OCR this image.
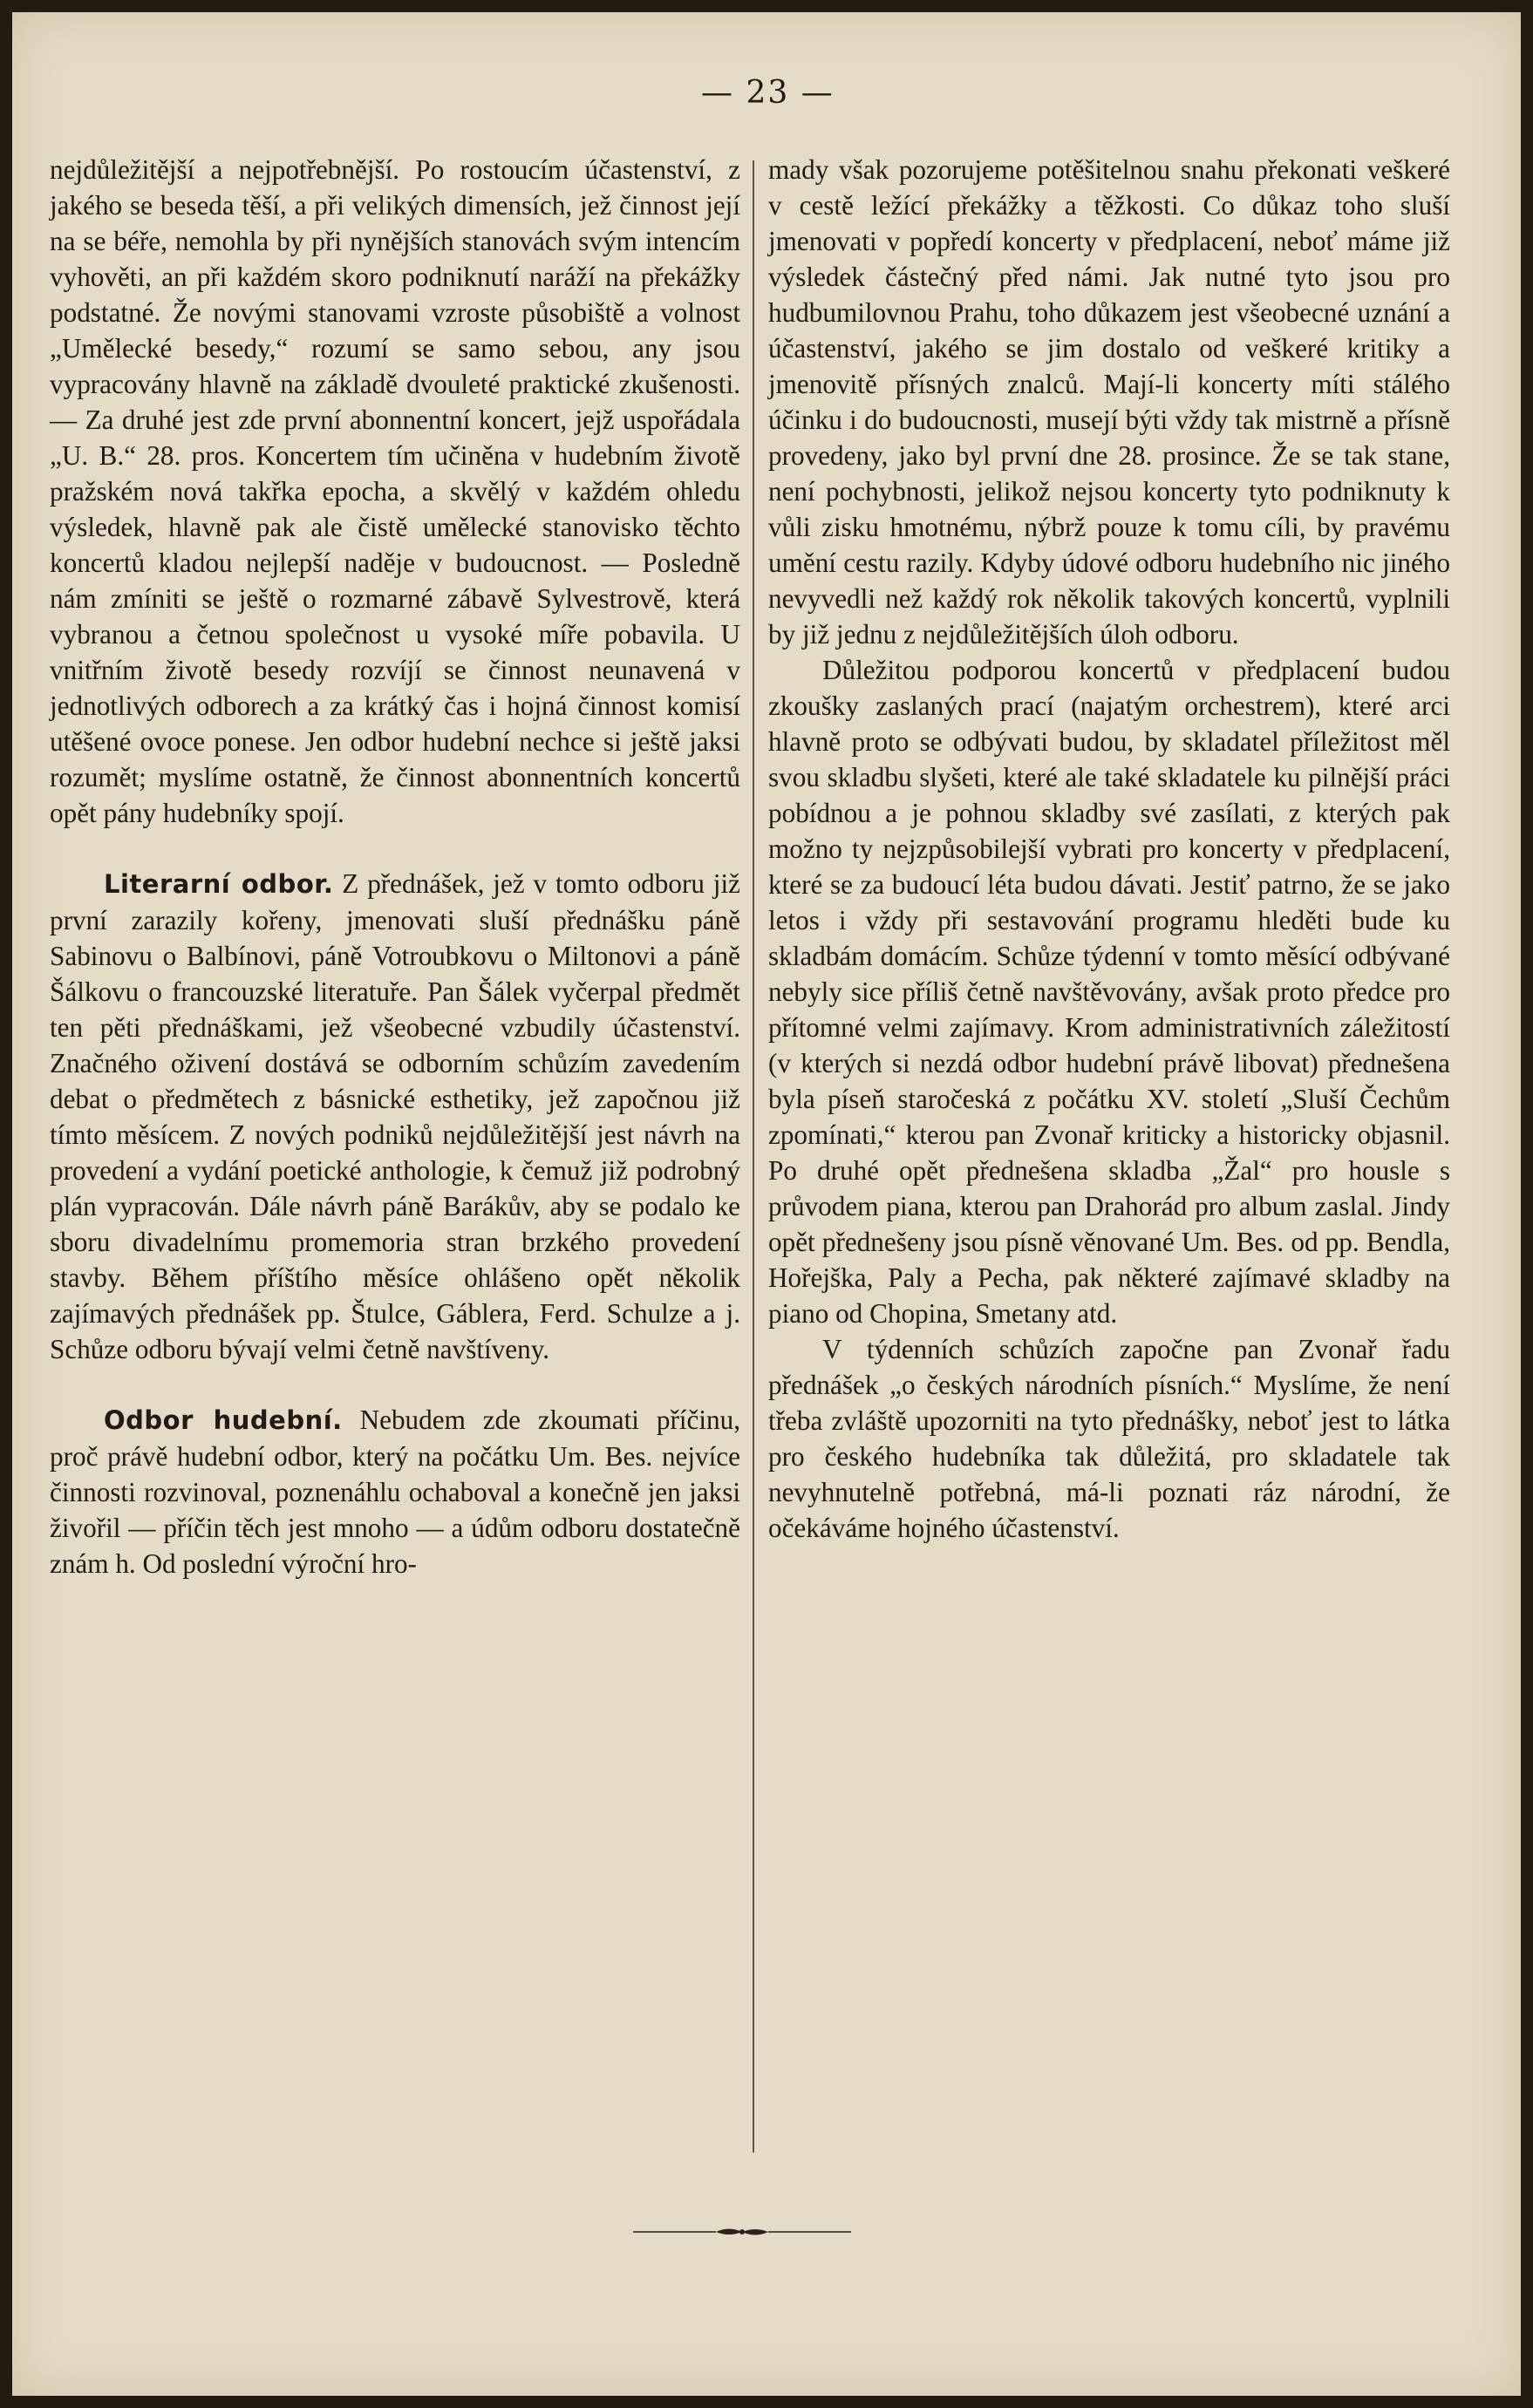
— 23 —

nejdůležitější a nejpotřebnější. Po rostoucím účastenství, z jakého se beseda těší, a při velikých dimensích, jež činnost její na se béře, nemohla by při nynějších stanovách svým intencím vyhověti, an při každém skoro podniknutí naráží na překážky podstatné. Že novými stanovami vzroste působiště a volnost „Umělecké besedy,“ rozumí se samo sebou, any jsou vypracovány hlavně na základě dvouleté praktické zkušenosti. — Za druhé jest zde první abonnentní koncert, jejž uspořádala „U. B.“ 28. pros. Koncertem tím učiněna v hudebním životě pražském nová takřka epocha, a skvělý v každém ohledu výsledek, hlavně pak ale čistě umělecké stanovisko těchto koncertů kladou nejlepší naděje v budoucnost. — Posledně nám zmíniti se ještě o rozmarné zábavě Sylvestrově, která vybranou a četnou společnost u vysoké míře pobavila. U vnitřním životě besedy rozvíjí se činnost neunavená v jednotlivých odborech a za krátký čas i hojná činnost komisí utěšené ovoce ponese. Jen odbor hudební nechce si ještě jaksi rozumět; myslíme ostatně, že činnost abonnentních koncertů opět pány hudebníky spojí.

Literarní odbor. Z přednášek, jež v tomto odboru již první zarazily kořeny, jmenovati sluší přednášku páně Sabinovu o Balbínovi, páně Votroubkovu o Miltonovi a páně Šálkovu o francouzské literatuře. Pan Šálek vyčerpal předmět ten pěti přednáškami, jež všeobecné vzbudily účastenství. Značného oživení dostává se odborním schůzím zavedením debat o předmětech z básnické esthetiky, jež započnou již tímto měsícem. Z nových podniků nejdůležitější jest návrh na provedení a vydání poetické anthologie, k čemuž již podrobný plán vypracován. Dále návrh páně Barákův, aby se podalo ke sboru divadelnímu promemoria stran brzkého provedení stavby. Během příštího měsíce ohlášeno opět několik zajímavých přednášek pp. Štulce, Gáblera, Ferd. Schulze a j. Schůze odboru bývají velmi četně navštíveny.

Odbor hudební. Nebudem zde zkoumati příčinu, proč právě hudební odbor, který na počátku Um. Bes. nejvíce činnosti rozvinoval, poznenáhlu ochaboval a konečně jen jaksi živořil — příčin těch jest mnoho — a údům odboru dostatečně znám h. Od poslední výroční hro-

mady však pozorujeme potěšitelnou snahu překonati veškeré v cestě ležící překážky a těžkosti. Co důkaz toho sluší jmenovati v popředí koncerty v předplacení, neboť máme již výsledek částečný před námi. Jak nutné tyto jsou pro hudbumilovnou Prahu, toho důkazem jest všeobecné uznání a účastenství, jakého se jim dostalo od veškeré kritiky a jmenovitě přísných znalců. Mají-li koncerty míti stálého účinku i do budoucnosti, musejí býti vždy tak mistrně a přísně provedeny, jako byl první dne 28. prosince. Že se tak stane, není pochybnosti, jelikož nejsou koncerty tyto podniknuty k vůli zisku hmotnému, nýbrž pouze k tomu cíli, by pravému umění cestu razily. Kdyby údové odboru hudebního nic jiného nevyvedli než každý rok několik takových koncertů, vyplnili by již jednu z nejdůležitějších úloh odboru.

Důležitou podporou koncertů v předplacení budou zkoušky zaslaných prací (najatým orchestrem), které arci hlavně proto se odbývati budou, by skladatel příležitost měl svou skladbu slyšeti, které ale také skladatele ku pilnější práci pobídnou a je pohnou skladby své zasílati, z kterých pak možno ty nejzpůsobilejší vybrati pro koncerty v předplacení, které se za budoucí léta budou dávati. Jestiť patrno, že se jako letos i vždy při sestavování programu hleděti bude ku skladbám domácím. Schůze týdenní v tomto měsící odbývané nebyly sice příliš četně navštěvovány, avšak proto předce pro přítomné velmi zajímavy. Krom administrativních záležitostí (v kterých si nezdá odbor hudební právě libovat) přednešena byla píseň staročeská z počátku XV. století „Sluší Čechům zpomínati,“ kterou pan Zvonař kriticky a historicky objasnil. Po druhé opět přednešena skladba „Žal“ pro housle s průvodem piana, kterou pan Drahorád pro album zaslal. Jindy opět přednešeny jsou písně věnované Um. Bes. od pp. Bendla, Hořejška, Paly a Pecha, pak některé zajímavé skladby na piano od Chopina, Smetany atd.

V týdenních schůzích započne pan Zvonař řadu přednášek „o českých národních písních.“ Myslíme, že není třeba zvláště upozorniti na tyto přednášky, neboť jest to látka pro českého hudebníka tak důležitá, pro skladatele tak nevyhnutelně potřebná, má-li poznati ráz národní, že očekáváme hojného účastenství.
